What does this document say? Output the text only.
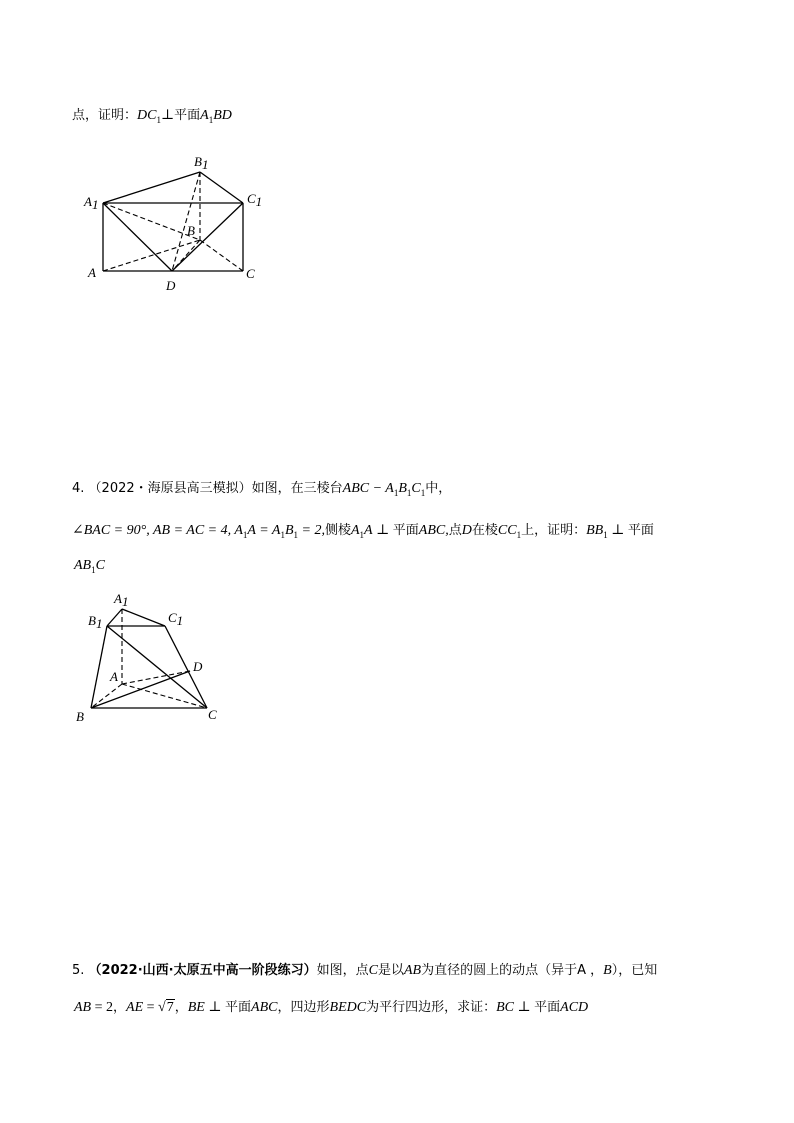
点，证明：$DC_1\perp$平面$A_1BD$
B1
A1	C1
B
A
D
C
4. （2022・海原县高三模拟）如图，在三棱台ABC − $A_1B_1C_1$中，
∠BAC = 90°, AB = AC = 4, $A_1A = A_1B_1 = 2$,侧棱$A_1A$ ⊥ 平面ABC,点D在棱$CC_1$上，证明：$BB_1$ ⊥ 平面
$AB_1C$
A1
B1	C1
A
D
B	C
5. （2022·山西·太原五中高一阶段练习）如图，点C是以AB为直径的圆上的动点（异于A ，B），已知
AB = 2，AE = √7，BE ⊥ 平面ABC，四边形BEDC为平行四边形，求证：BC ⊥ 平面ACD
